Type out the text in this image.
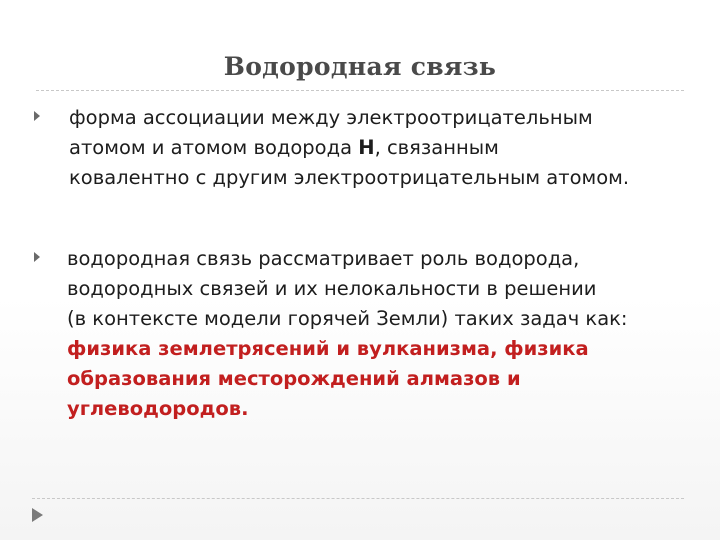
Водородная связь
форма ассоциации между электроотрицательным
атомом и атомом водорода H, связанным
ковалентно с другим электроотрицательным атомом.
водородная связь рассматривает роль водорода,
водородных связей и их нелокальности в решении
(в контексте модели горячей Земли) таких задач как:
физика землетрясений и вулканизма, физика
образования месторождений алмазов и
углеводородов.
